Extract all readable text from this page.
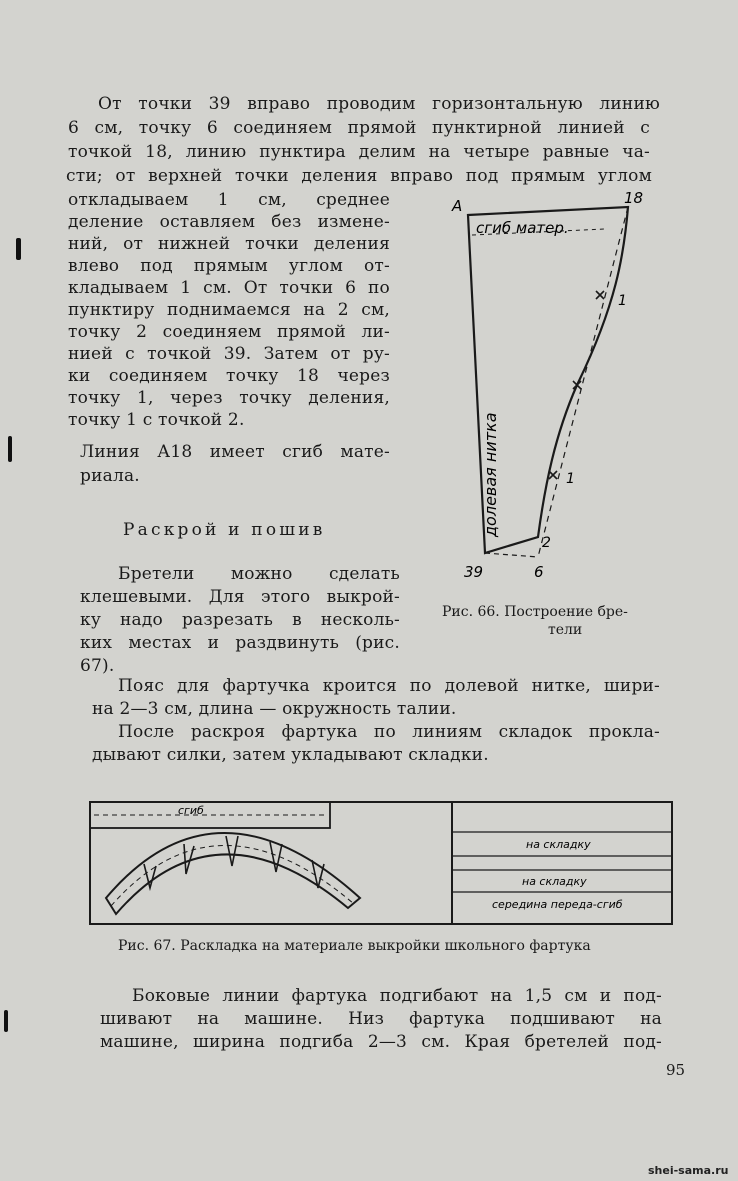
От точки 39 вправо проводим горизонтальную линию
6 см, точку 6 соединяем прямой пунктирной линией с
точкой 18, линию пунктира делим на четыре равные ча-
сти; от верхней точки деления вправо под прямым углом
откладываем 1 см, среднее
деление оставляем без измене-
ний, от нижней точки деления
влево под прямым углом от-
кладываем 1 см. От точки 6 по
пунктиру поднимаемся на 2 см,
точку 2 соединяем прямой ли-
нией с точкой 39. Затем от ру-
ки соединяем точку 18 через
точку 1, через точку деления,
точку 1 с точкой 2.
Линия А18 имеет сгиб мате-
риала.
Раскрой и пошив
Бретели можно сделать
клешевыми. Для этого выкрой-
ку надо разрезать в несколь-
ких местах и раздвинуть (рис.
67).
А	18
сгиб матер.
1
1
2
39	6
долевая нитка
Рис. 66. Построение бре-
тели
Пояс для фартучка кроится по долевой нитке, шири-
на 2—3 см, длина — окружность талии.
После раскроя фартука по линиям складок прокла-
дывают силки, затем укладывают складки.
сгиб
на складку
на складку
середина переда-сгиб
Рис. 67. Раскладка на материале выкройки школьного фартука
Боковые линии фартука подгибают на 1,5 см и под-
шивают на машине. Низ фартука подшивают на
машине, ширина подгиба 2—3 см. Края бретелей под-
95
shei-sama.ru
